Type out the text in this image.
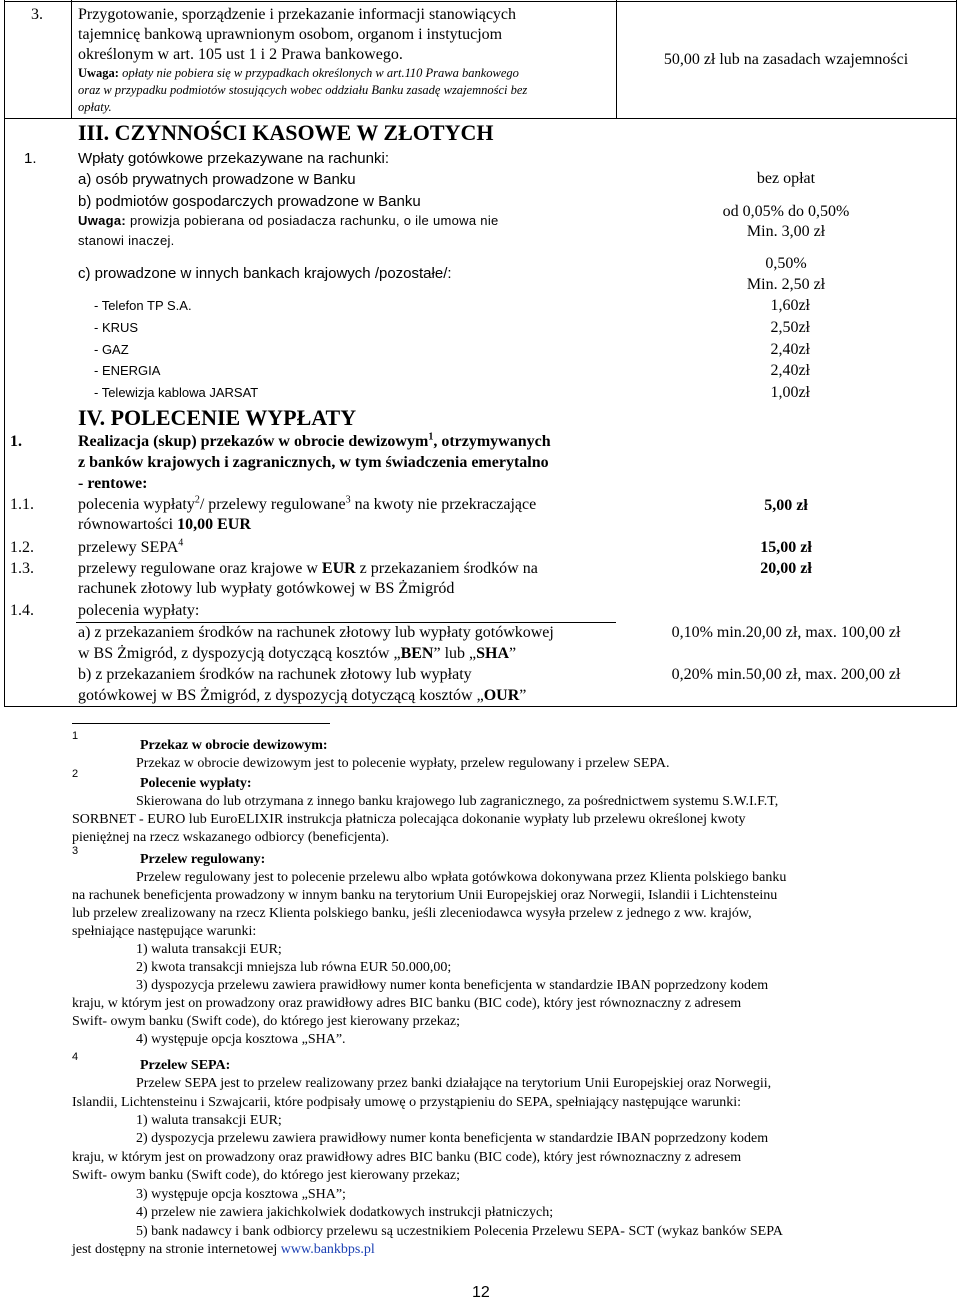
3. Przygotowanie, sporządzenie i przekazanie informacji stanowiących
tajemnicę bankową uprawnionym osobom, organom i instytucjom
określonym w art. 105 ust 1 i 2 Prawa bankowego.
Uwaga: opłaty nie pobiera się w przypadkach określonych w art.110 Prawa bankowego
oraz w przypadku podmiotów stosujących wobec oddziału Banku zasadę wzajemności bez
opłaty.
50,00 zł lub na zasadach wzajemności
III. CZYNNOŚCI KASOWE W ZŁOTYCH
1.	Wpłaty gotówkowe przekazywane na rachunki:
a) osób prywatnych prowadzone w Banku	bez opłat
b) podmiotów gospodarczych prowadzone w Banku
Uwaga: prowizja pobierana od posiadacza rachunku, o ile umowa nie
stanowi inaczej.
od 0,05% do 0,50%
Min. 3,00 zł
c) prowadzone w innych bankach krajowych /pozostałe/:
0,50%
Min. 2,50 zł
- Telefon TP S.A.	1,60zł
- KRUS	2,50zł
- GAZ	2,40zł
- ENERGIA	2,40zł
- Telewizja kablowa JARSAT	1,00zł
IV. POLECENIE WYPŁATY
1.	Realizacja (skup) przekazów w obrocie dewizowym$^1$, otrzymywanych
z banków krajowych i zagranicznych, w tym świadczenia emerytalno
- rentowe:
1.1.	polecenia wypłaty$^2$/ przelewy regulowane$^3$ na kwoty nie przekraczające
równowartości 10,00 EUR
5,00 zł
1.2.	przelewy SEPA$^4$	15,00 zł
1.3.	przelewy regulowane oraz krajowe w EUR z przekazaniem środków na
rachunek złotowy lub wypłaty gotówkowej w BS Żmigród
20,00 zł
1.4.	polecenia wypłaty:
a) z przekazaniem środków na rachunek złotowy lub wypłaty gotówkowej
w BS Żmigród, z dyspozycją dotyczącą kosztów „BEN” lub „SHA”
0,10% min.20,00 zł, max. 100,00 zł
b) z przekazaniem środków na rachunek złotowy lub wypłaty
gotówkowej w BS Żmigród, z dyspozycją dotyczącą kosztów „OUR”
0,20% min.50,00 zł, max. 200,00 zł
1
Przekaz w obrocie dewizowym:
Przekaz w obrocie dewizowym jest to polecenie wypłaty, przelew regulowany i przelew SEPA.
2
Polecenie wypłaty:
Skierowana do lub otrzymana z innego banku krajowego lub zagranicznego, za pośrednictwem systemu S.W.I.F.T,
SORBNET - EURO lub EuroELIXIR instrukcja płatnicza polecająca dokonanie wypłaty lub przelewu określonej kwoty
pieniężnej na rzecz wskazanego odbiorcy (beneficjenta).
3
Przelew regulowany:
Przelew regulowany jest to polecenie przelewu albo wpłata gotówkowa dokonywana przez Klienta polskiego banku
na rachunek beneficjenta prowadzony w innym banku na terytorium Unii Europejskiej oraz Norwegii, Islandii i Lichtensteinu
lub przelew zrealizowany na rzecz Klienta polskiego banku, jeśli zleceniodawca wysyła przelew z jednego z ww. krajów,
spełniające następujące warunki:
1) waluta transakcji EUR;
2) kwota transakcji mniejsza lub równa EUR 50.000,00;
3) dyspozycja przelewu zawiera prawidłowy numer konta beneficjenta w standardzie IBAN poprzedzony kodem
kraju, w którym jest on prowadzony oraz prawidłowy adres BIC banku (BIC code), który jest równoznaczny z adresem
Swift- owym banku (Swift code), do którego jest kierowany przekaz;
4) występuje opcja kosztowa „SHA”.
4
Przelew SEPA:
Przelew SEPA jest to przelew realizowany przez banki działające na terytorium Unii Europejskiej oraz Norwegii,
Islandii, Lichtensteinu i Szwajcarii, które podpisały umowę o przystąpieniu do SEPA, spełniający następujące warunki:
1) waluta transakcji EUR;
2) dyspozycja przelewu zawiera prawidłowy numer konta beneficjenta w standardzie IBAN poprzedzony kodem
kraju, w którym jest on prowadzony oraz prawidłowy adres BIC banku (BIC code), który jest równoznaczny z adresem
Swift- owym banku (Swift code), do którego jest kierowany przekaz;
3) występuje opcja kosztowa „SHA”;
4) przelew nie zawiera jakichkolwiek dodatkowych instrukcji płatniczych;
5) bank nadawcy i bank odbiorcy przelewu są uczestnikiem Polecenia Przelewu SEPA- SCT (wykaz banków SEPA
jest dostępny na stronie internetowej www.bankbps.pl
12
